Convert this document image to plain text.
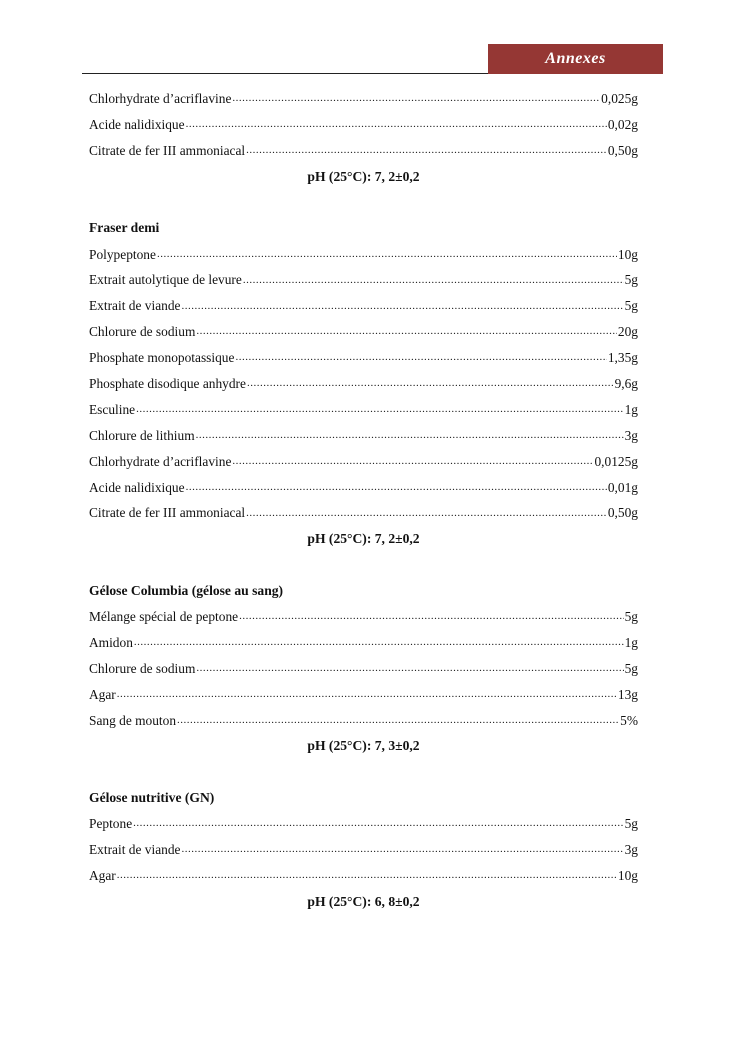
Annexes
Chlorhydrate d’acriflavine .....	0,025g
Acide nalidixique .....	0,02g
Citrate de fer III ammoniacal .....	0,50g
pH (25°C): 7, 2±0,2
Fraser demi
Polypeptone .....	10g
Extrait autolytique de levure .....	5g
Extrait de viande .....	5g
Chlorure de sodium .....	20g
Phosphate monopotassique .....	1,35g
Phosphate disodique anhydre .....	9,6g
Esculine .....	1g
Chlorure de lithium .....	3g
Chlorhydrate d’acriflavine .....	0,0125g
Acide nalidixique .....	0,01g
Citrate de fer III ammoniacal .....	0,50g
pH (25°C): 7, 2±0,2
Gélose Columbia (gélose au sang)
Mélange spécial de peptone .....	5g
Amidon .....	1g
Chlorure de sodium .....	5g
Agar .....	13g
Sang de mouton .....	5%
pH (25°C): 7, 3±0,2
Gélose nutritive (GN)
Peptone .....	5g
Extrait de viande .....	3g
Agar .....	10g
pH (25°C): 6, 8±0,2
